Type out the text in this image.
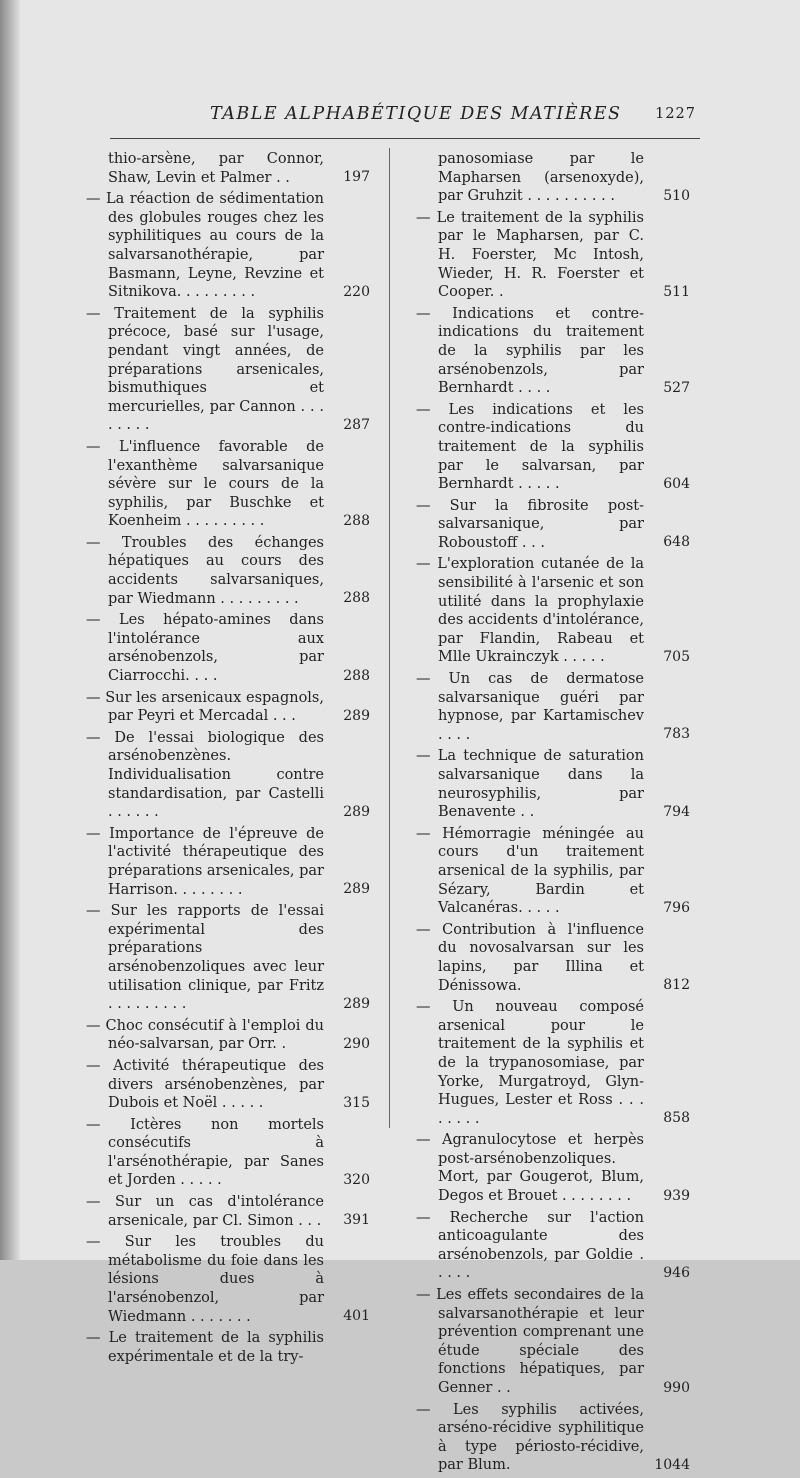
TABLE ALPHABÉTIQUE DES MATIÈRES 1227
thio-arsène, par Connor, Shaw, Levin et Palmer . .	197
— La réaction de sédimentation des globules rouges chez les syphilitiques au cours de la salvarsanothérapie, par Basmann, Leyne, Revzine et Sitnikova. . . . . . . . .	220
— Traitement de la syphilis précoce, basé sur l'usage, pendant vingt années, de préparations arsenicales, bismuthiques et mercurielles, par Cannon . . . . . . . .	287
— L'influence favorable de l'exanthème salvarsanique sévère sur le cours de la syphilis, par Buschke et Koenheim . . . . . . . . .	288
— Troubles des échanges hépatiques au cours des accidents salvarsaniques, par Wiedmann . . . . . . . . .	288
— Les hépato-amines dans l'intolérance aux arsénobenzols, par Ciarrocchi. . . .	288
— Sur les arsenicaux espagnols, par Peyri et Mercadal . . .	289
— De l'essai biologique des arsénobenzènes. Individualisation contre standardisation, par Castelli . . . . . .	289
— Importance de l'épreuve de l'activité thérapeutique des préparations arsenicales, par Harrison. . . . . . . .	289
— Sur les rapports de l'essai expérimental des préparations arsénobenzoliques avec leur utilisation clinique, par Fritz . . . . . . . . .	289
— Choc consécutif à l'emploi du néo-salvarsan, par Orr. .	290
— Activité thérapeutique des divers arsénobenzènes, par Dubois et Noël . . . . .	315
— Ictères non mortels consécutifs à l'arsénothérapie, par Sanes et Jorden . . . . .	320
— Sur un cas d'intolérance arsenicale, par Cl. Simon . . .	391
— Sur les troubles du métabolisme du foie dans les lésions dues à l'arsénobenzol, par Wiedmann . . . . . . .	401
— Le traitement de la syphilis expérimentale et de la try-
panosomiase par le Mapharsen (arsenoxyde), par Gruhzit . . . . . . . . . .	510
— Le traitement de la syphilis par le Mapharsen, par C. H. Foerster, Mc Intosh, Wieder, H. R. Foerster et Cooper. .	511
— Indications et contre-indications du traitement de la syphilis par les arsénobenzols, par Bernhardt . . . .	527
— Les indications et les contre-indications du traitement de la syphilis par le salvarsan, par Bernhardt . . . . .	604
— Sur la fibrosite post-salvarsanique, par Roboustoff . . .	648
— L'exploration cutanée de la sensibilité à l'arsenic et son utilité dans la prophylaxie des accidents d'intolérance, par Flandin, Rabeau et Mlle Ukrainczyk . . . . .	705
— Un cas de dermatose salvarsanique guéri par hypnose, par Kartamischev . . . .	783
— La technique de saturation salvarsanique dans la neurosyphilis, par Benavente . .	794
— Hémorragie méningée au cours d'un traitement arsenical de la syphilis, par Sézary, Bardin et Valcanéras. . . . .	796
— Contribution à l'influence du novosalvarsan sur les lapins, par Illina et Dénissowa.	812
— Un nouveau composé arsenical pour le traitement de la syphilis et de la trypanosomiase, par Yorke, Murgatroyd, Glyn-Hugues, Lester et Ross . . . . . . . .	858
— Agranulocytose et herpès post-arsénobenzoliques. Mort, par Gougerot, Blum, Degos et Brouet . . . . . . . .	939
— Recherche sur l'action anticoagulante des arsénobenzols, par Goldie . . . . .	946
— Les effets secondaires de la salvarsanothérapie et leur prévention comprenant une étude spéciale des fonctions hépatiques, par Genner . .	990
— Les syphilis activées, arséno-récidive syphilitique à type périosto-récidive, par Blum.	1044
